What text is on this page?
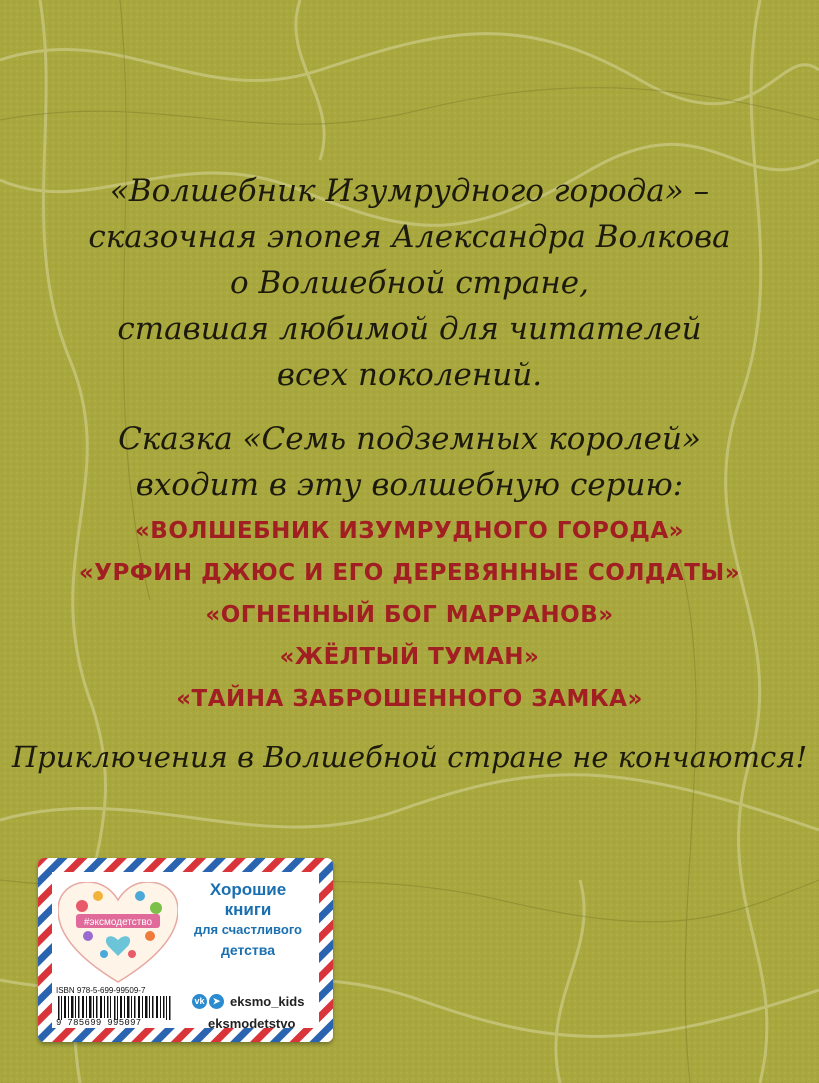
«Волшебник Изумрудного города» –

сказочная эпопея Александра Волкова

о Волшебной стране,

ставшая любимой для читателей

всех поколений.

Сказка «Семь подземных королей»

входит в эту волшебную серию:

«ВОЛШЕБНИК ИЗУМРУДНОГО ГОРОДА»
«УРФИН ДЖЮС И ЕГО ДЕРЕВЯННЫЕ СОЛДАТЫ»
«ОГНЕННЫЙ БОГ МАРРАНОВ»
«ЖЁЛТЫЙ ТУМАН»
«ТАЙНА ЗАБРОШЕННОГО ЗАМКА»
Приключения в Волшебной стране не кончаются!
#эксмодетство
Хорошие
книги
для счастливого
детства
ISBN 978-5-699-99509-7
9 785699 995097
vk ➤ eksmo_kids
eksmodetstvo
